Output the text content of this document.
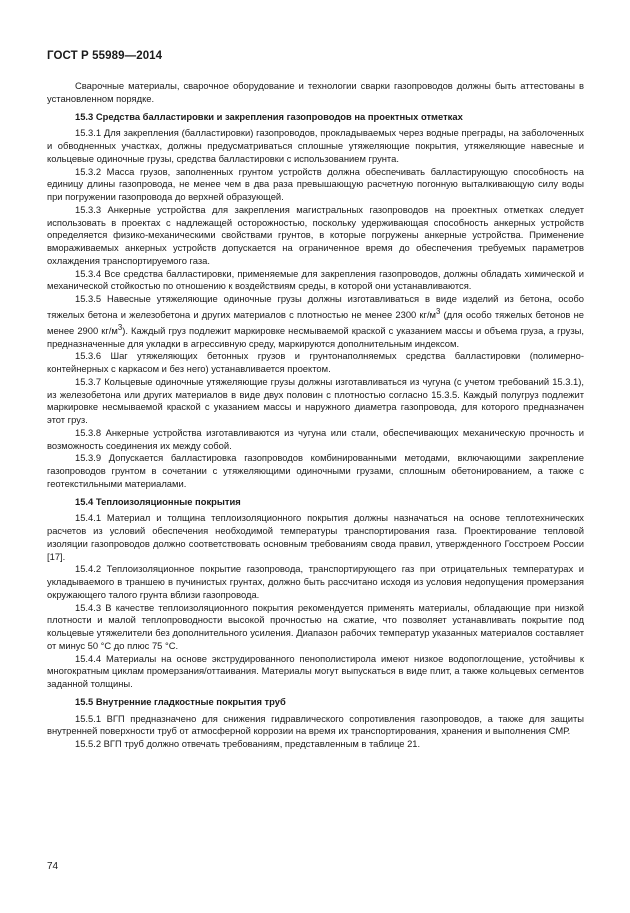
ГОСТ Р 55989—2014

Сварочные материалы, сварочное оборудование и технологии сварки газопроводов должны быть аттестованы в установленном порядке.

15.3 Средства балластировки и закрепления газопроводов на проектных отметках

15.3.1 Для закрепления (балластировки) газопроводов, прокладываемых через водные преграды, на заболоченных и обводненных участках, должны предусматриваться сплошные утяжеляющие покрытия, утяжеляющие навесные и кольцевые одиночные грузы, средства балластировки с использованием грунта.

15.3.2 Масса грузов, заполненных грунтом устройств должна обеспечивать балластирующую способность на единицу длины газопровода, не менее чем в два раза превышающую расчетную погонную выталкивающую силу воды при погружении газопровода до верхней образующей.

15.3.3 Анкерные устройства для закрепления магистральных газопроводов на проектных отметках следует использовать в проектах с надлежащей осторожностью, поскольку удерживающая способность анкерных устройств определяется физико-механическими свойствами грунтов, в которые погружены анкерные устройства. Применение вмораживаемых анкерных устройств допускается на ограниченное время до обеспечения требуемых параметров охлаждения транспортируемого газа.

15.3.4 Все средства балластировки, применяемые для закрепления газопроводов, должны обладать химической и механической стойкостью по отношению к воздействиям среды, в которой они устанавливаются.

15.3.5 Навесные утяжеляющие одиночные грузы должны изготавливаться в виде изделий из бетона, особо тяжелых бетона и железобетона и других материалов с плотностью не менее 2300 $кг/м^3$ (для особо тяжелых бетонов не менее 2900 $кг/м^3$). Каждый груз подлежит маркировке несмываемой краской с указанием массы и объема груза, а грузы, предназначенные для укладки в агрессивную среду, маркируются дополнительным индексом.

15.3.6 Шаг утяжеляющих бетонных грузов и грунтонаполняемых средства балластировки (полимерно-контейнерных с каркасом и без него) устанавливается проектом.

15.3.7 Кольцевые одиночные утяжеляющие грузы должны изготавливаться из чугуна (с учетом требований 15.3.1), из железобетона или других материалов в виде двух половин с плотностью согласно 15.3.5. Каждый полугруз подлежит маркировке несмываемой краской с указанием массы и наружного диаметра газопровода, для которого предназначен этот груз.

15.3.8 Анкерные устройства изготавливаются из чугуна или стали, обеспечивающих механическую прочность и возможность соединения их между собой.

15.3.9 Допускается балластировка газопроводов комбинированными методами, включающими закрепление газопроводов грунтом в сочетании с утяжеляющими одиночными грузами, сплошным обетонированием, а также с геотекстильными материалами.

15.4 Теплоизоляционные покрытия

15.4.1 Материал и толщина теплоизоляционного покрытия должны назначаться на основе теплотехнических расчетов из условий обеспечения необходимой температуры транспортирования газа. Проектирование тепловой изоляции газопроводов должно соответствовать основным требованиям свода правил, утвержденного Госстроем России [17].

15.4.2 Теплоизоляционное покрытие газопровода, транспортирующего газ при отрицательных температурах и укладываемого в траншею в пучинистых грунтах, должно быть рассчитано исходя из условия недопущения промерзания окружающего талого грунта вблизи газопровода.

15.4.3 В качестве теплоизоляционного покрытия рекомендуется применять материалы, обладающие при низкой плотности и малой теплопроводности высокой прочностью на сжатие, что позволяет устанавливать покрытие под кольцевые утяжелители без дополнительного усиления. Диапазон рабочих температур указанных материалов составляет от минус 50 °С до плюс 75 °С.

15.4.4 Материалы на основе экструдированного пенополистирола имеют низкое водопоглощение, устойчивы к многократным циклам промерзания/оттаивания. Материалы могут выпускаться в виде плит, а также кольцевых сегментов заданной толщины.

15.5 Внутренние гладкостные покрытия труб

15.5.1 ВГП предназначено для снижения гидравлического сопротивления газопроводов, а также для защиты внутренней поверхности труб от атмосферной коррозии на время их транспортирования, хранения и выполнения СМР.

15.5.2 ВГП труб должно отвечать требованиям, представленным в таблице 21.

74
